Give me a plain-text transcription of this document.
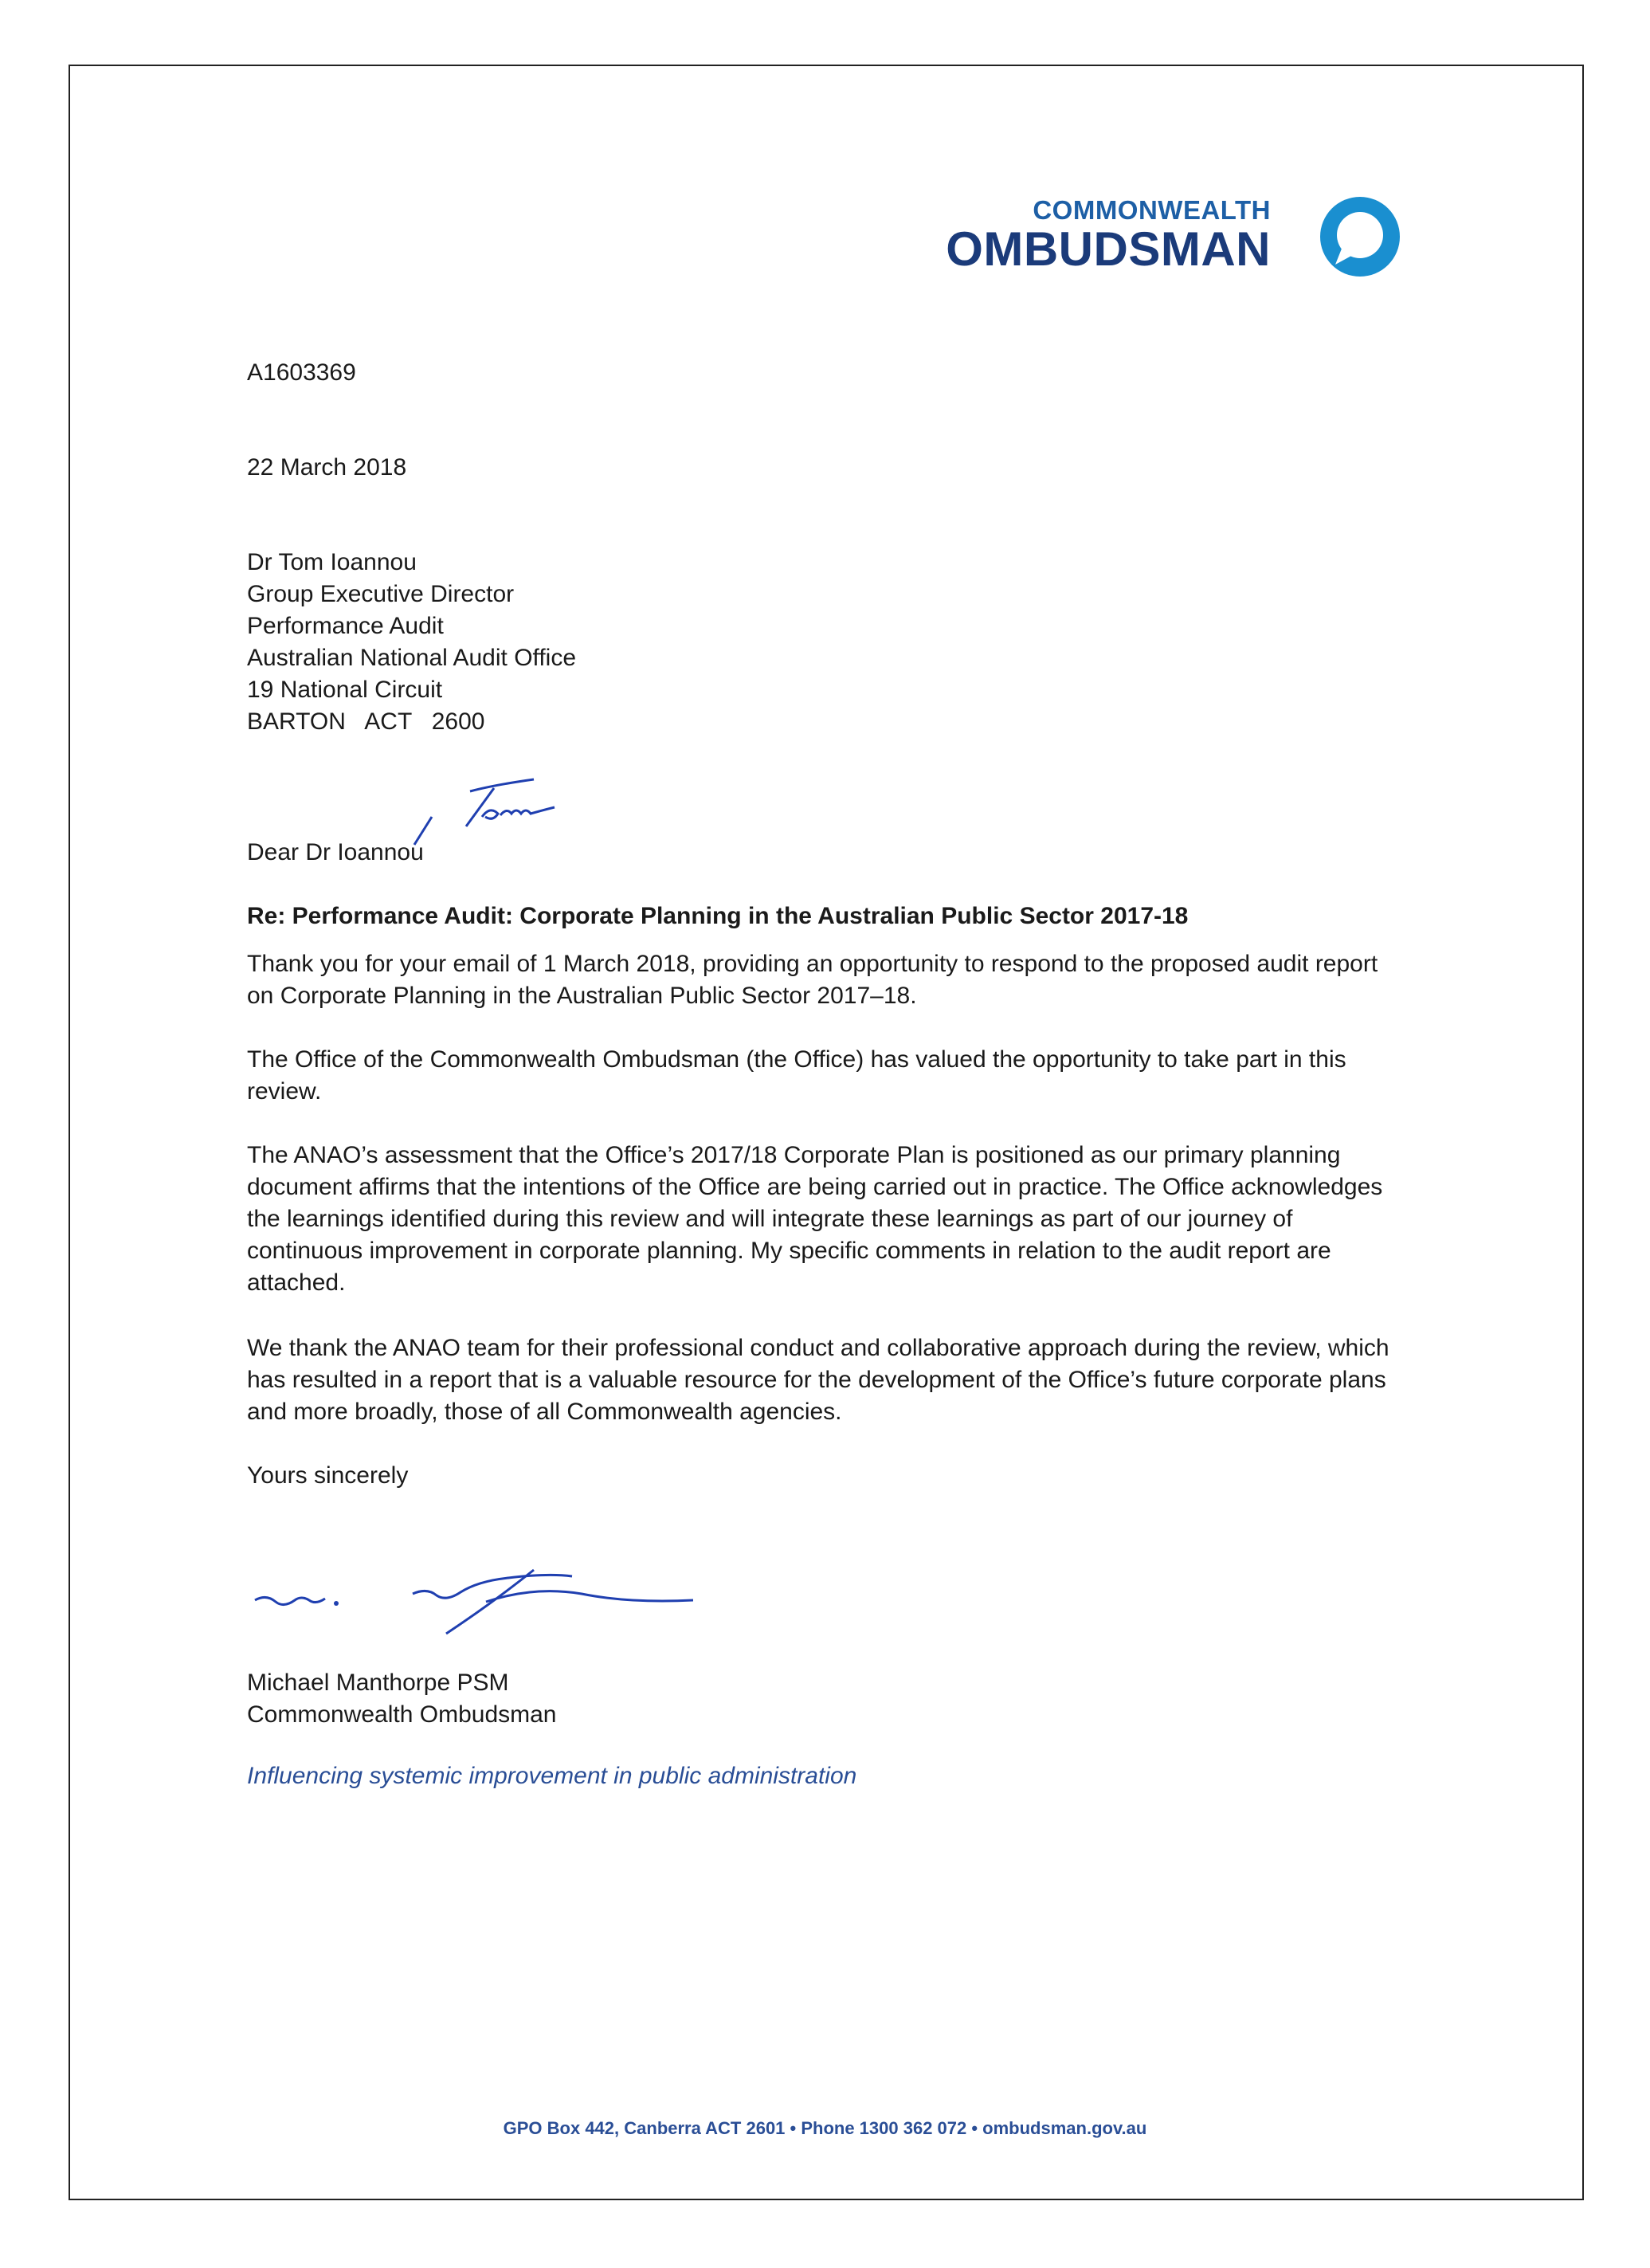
COMMONWEALTH
OMBUDSMAN
A1603369
22 March 2018
Dr Tom Ioannou
Group Executive Director
Performance Audit
Australian National Audit Office
19 National Circuit
BARTON   ACT   2600
Dear Dr Ioannou
Re: Performance Audit: Corporate Planning in the Australian Public Sector 2017-18

Thank you for your email of 1 March 2018, providing an opportunity to respond to the proposed audit report on Corporate Planning in the Australian Public Sector 2017–18.

The Office of the Commonwealth Ombudsman (the Office) has valued the opportunity to take part in this review.

The ANAO’s assessment that the Office’s 2017/18 Corporate Plan is positioned as our primary planning document affirms that the intentions of the Office are being carried out in practice. The Office acknowledges the learnings identified during this review and will integrate these learnings as part of our journey of continuous improvement in corporate planning. My specific comments in relation to the audit report are attached.

We thank the ANAO team for their professional conduct and collaborative approach during the review, which has resulted in a report that is a valuable resource for the development of the Office’s future corporate plans and more broadly, those of all Commonwealth agencies.

Yours sincerely
Michael Manthorpe PSM
Commonwealth Ombudsman
Influencing systemic improvement in public administration
GPO Box 442, Canberra ACT 2601 • Phone 1300 362 072 • ombudsman.gov.au
